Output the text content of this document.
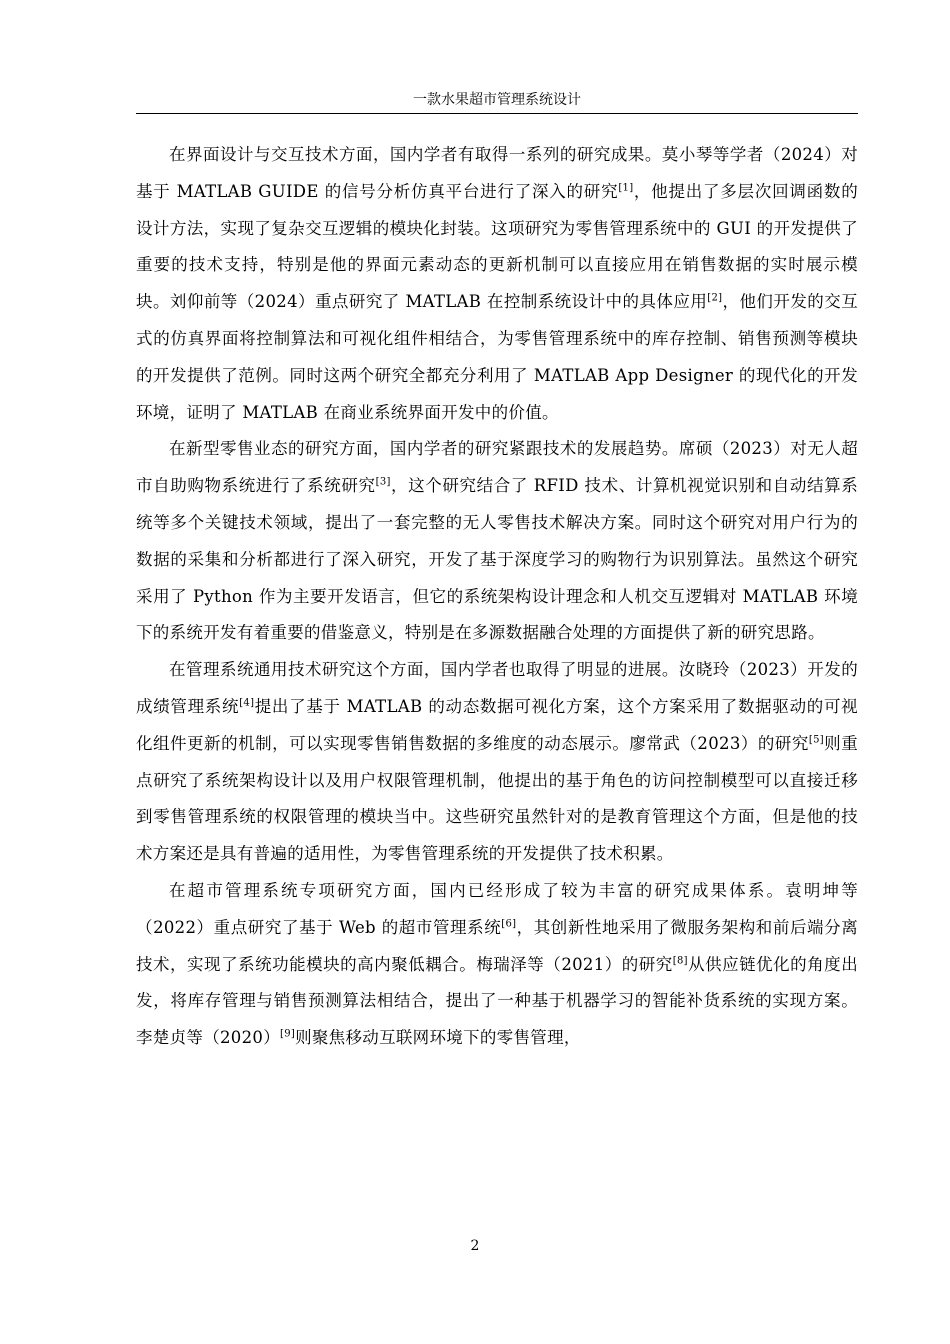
一款水果超市管理系统设计

在界面设计与交互技术方面，国内学者有取得一系列的研究成果。莫小琴等学者（2024）对基于 MATLAB GUIDE 的信号分析仿真平台进行了深入的研究[1]，他提出了多层次回调函数的设计方法，实现了复杂交互逻辑的模块化封装。这项研究为零售管理系统中的 GUI 的开发提供了重要的技术支持，特别是他的界面元素动态的更新机制可以直接应用在销售数据的实时展示模块。刘仰前等（2024）重点研究了 MATLAB 在控制系统设计中的具体应用[2]，他们开发的交互式的仿真界面将控制算法和可视化组件相结合，为零售管理系统中的库存控制、销售预测等模块的开发提供了范例。同时这两个研究全都充分利用了 MATLAB App Designer 的现代化的开发环境，证明了 MATLAB 在商业系统界面开发中的价值。

在新型零售业态的研究方面，国内学者的研究紧跟技术的发展趋势。席硕（2023）对无人超市自助购物系统进行了系统研究[3]，这个研究结合了 RFID 技术、计算机视觉识别和自动结算系统等多个关键技术领域，提出了一套完整的无人零售技术解决方案。同时这个研究对用户行为的数据的采集和分析都进行了深入研究，开发了基于深度学习的购物行为识别算法。虽然这个研究采用了 Python 作为主要开发语言，但它的系统架构设计理念和人机交互逻辑对 MATLAB 环境下的系统开发有着重要的借鉴意义，特别是在多源数据融合处理的方面提供了新的研究思路。

在管理系统通用技术研究这个方面，国内学者也取得了明显的进展。汝晓玲（2023）开发的成绩管理系统[4]提出了基于 MATLAB 的动态数据可视化方案，这个方案采用了数据驱动的可视化组件更新的机制，可以实现零售销售数据的多维度的动态展示。廖常武（2023）的研究[5]则重点研究了系统架构设计以及用户权限管理机制，他提出的基于角色的访问控制模型可以直接迁移到零售管理系统的权限管理的模块当中。这些研究虽然针对的是教育管理这个方面，但是他的技术方案还是具有普遍的适用性，为零售管理系统的开发提供了技术积累。

在超市管理系统专项研究方面，国内已经形成了较为丰富的研究成果体系。袁明坤等（2022）重点研究了基于 Web 的超市管理系统[6]，其创新性地采用了微服务架构和前后端分离技术，实现了系统功能模块的高内聚低耦合。梅瑞泽等（2021）的研究[8]从供应链优化的角度出发，将库存管理与销售预测算法相结合，提出了一种基于机器学习的智能补货系统的实现方案。李楚贞等（2020）[9]则聚焦移动互联网环境下的零售管理，

2
